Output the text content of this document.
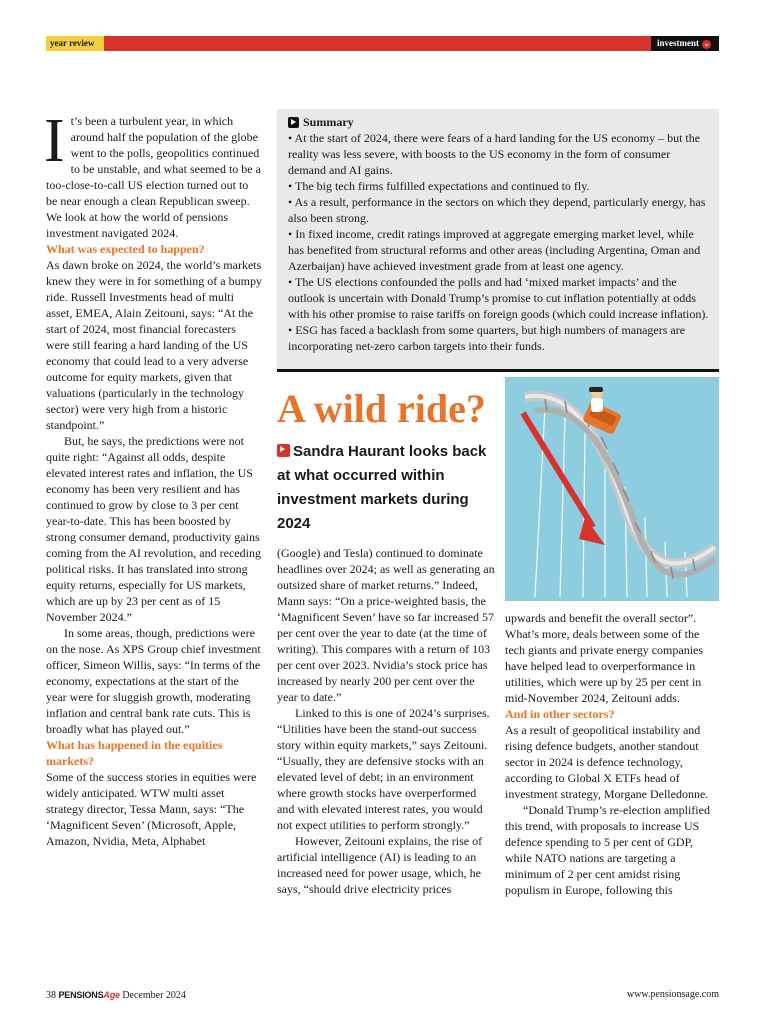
year review	investment ⌄

It’s been a turbulent year, in which around half the population of the globe went to the polls, geopolitics continued to be unstable, and what seemed to be a too-close-to-call US election turned out to be near enough a clean Republican sweep. We look at how the world of pensions investment navigated 2024.

What was expected to happen?

As dawn broke on 2024, the world’s markets knew they were in for something of a bumpy ride. Russell Investments head of multi asset, EMEA, Alain Zeitouni, says: “At the start of 2024, most financial forecasters were still fearing a hard landing of the US economy that could lead to a very adverse outcome for equity markets, given that valuations (particularly in the technology sector) were very high from a historic standpoint.”

But, he says, the predictions were not quite right: “Against all odds, despite elevated interest rates and inflation, the US economy has been very resilient and has continued to grow by close to 3 per cent year-to-date. This has been boosted by strong consumer demand, productivity gains coming from the AI revolution, and receding political risks. It has translated into strong equity returns, especially for US markets, which are up by 23 per cent as of 15 November 2024.”

In some areas, though, predictions were on the nose. As XPS Group chief investment officer, Simeon Willis, says: “In terms of the economy, expectations at the start of the year were for sluggish growth, moderating inflation and central bank rate cuts. This is broadly what has played out.”

What has happened in the equities markets?

Some of the success stories in equities were widely anticipated. WTW multi asset strategy director, Tessa Mann, says: “The ‘Magnificent Seven’ (Microsoft, Apple, Amazon, Nvidia, Meta, Alphabet

Summary

• At the start of 2024, there were fears of a hard landing for the US economy – but the reality was less severe, with boosts to the US economy in the form of consumer demand and AI gains.

• The big tech firms fulfilled expectations and continued to fly.

• As a result, performance in the sectors on which they depend, particularly energy, has also been strong.

• In fixed income, credit ratings improved at aggregate emerging market level, while has benefited from structural reforms and other areas (including Argentina, Oman and Azerbaijan) have achieved investment grade from at least one agency.

• The US elections confounded the polls and had ‘mixed market impacts’ and the outlook is uncertain with Donald Trump’s promise to cut inflation potentially at odds with his other promise to raise tariffs on foreign goods (which could increase inflation).

• ESG has faced a backlash from some quarters, but high numbers of managers are incorporating net-zero carbon targets into their funds.

A wild ride?
Sandra Haurant looks back at what occurred within investment markets during 2024

(Google) and Tesla) continued to dominate headlines over 2024; as well as generating an outsized share of market returns.” Indeed, Mann says: “On a price-weighted basis, the ‘Magnificent Seven’ have so far increased 57 per cent over the year to date (at the time of writing). This compares with a return of 103 per cent over 2023. Nvidia’s stock price has increased by nearly 200 per cent over the year to date.”

Linked to this is one of 2024’s surprises. “Utilities have been the stand-out success story within equity markets,” says Zeitouni. “Usually, they are defensive stocks with an elevated level of debt; in an environment where growth stocks have overperformed and with elevated interest rates, you would not expect utilities to perform strongly.”

However, Zeitouni explains, the rise of artificial intelligence (AI) is leading to an increased need for power usage, which, he says, “should drive electricity prices

upwards and benefit the overall sector”. What’s more, deals between some of the tech giants and private energy companies have helped lead to overperformance in utilities, which were up by 25 per cent in mid-November 2024, Zeitouni adds.

And in other sectors?

As a result of geopolitical instability and rising defence budgets, another standout sector in 2024 is defence technology, according to Global X ETFs head of investment strategy, Morgane Delledonne.

“Donald Trump’s re-election amplified this trend, with proposals to increase US defence spending to 5 per cent of GDP, while NATO nations are targeting a minimum of 2 per cent amidst rising populism in Europe, following this

38 PENSIONSAge December 2024	www.pensionsage.com
